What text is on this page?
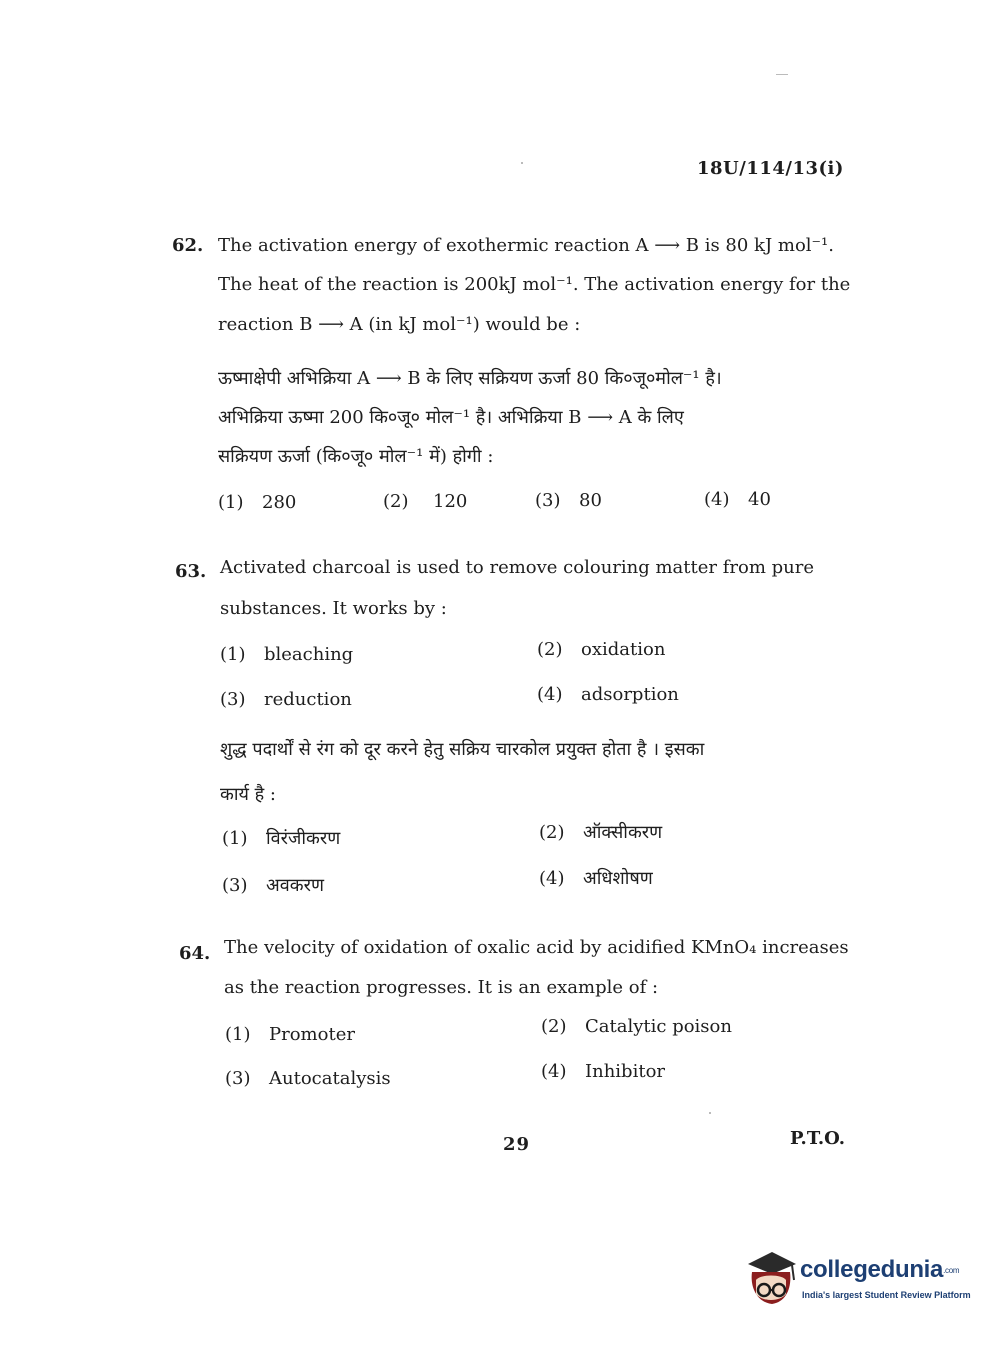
18U/114/13(i)
62. The activation energy of exothermic reaction A ⟶ B is 80 kJ mol⁻¹.
The heat of the reaction is 200kJ mol⁻¹. The activation energy for the
reaction B ⟶ A (in kJ mol⁻¹) would be :
ऊष्माक्षेपी अभिक्रिया A ⟶ B के लिए सक्रियण ऊर्जा 80 कि०जू०मोल⁻¹ है।
अभिक्रिया ऊष्मा 200 कि०जू० मोल⁻¹ है। अभिक्रिया B ⟶ A के लिए
सक्रियण ऊर्जा (कि०जू० मोल⁻¹ में) होगी :
(1) 280	(2) 120	(3) 80	(4) 40
63. Activated charcoal is used to remove colouring matter from pure
substances. It works by :
(1) bleaching	(2) oxidation
(3) reduction	(4) adsorption
शुद्ध पदार्थों से रंग को दूर करने हेतु सक्रिय चारकोल प्रयुक्त होता है । इसका
कार्य है :
(1) विरंजीकरण	(2) ऑक्सीकरण
(3) अवकरण	(4) अधिशोषण
64. The velocity of oxidation of oxalic acid by acidified KMnO₄ increases
as the reaction progresses. It is an example of :
(1) Promoter	(2) Catalytic poison
(3) Autocatalysis	(4) Inhibitor
29	P.T.O.
collegedunia.com
India's largest Student Review Platform
